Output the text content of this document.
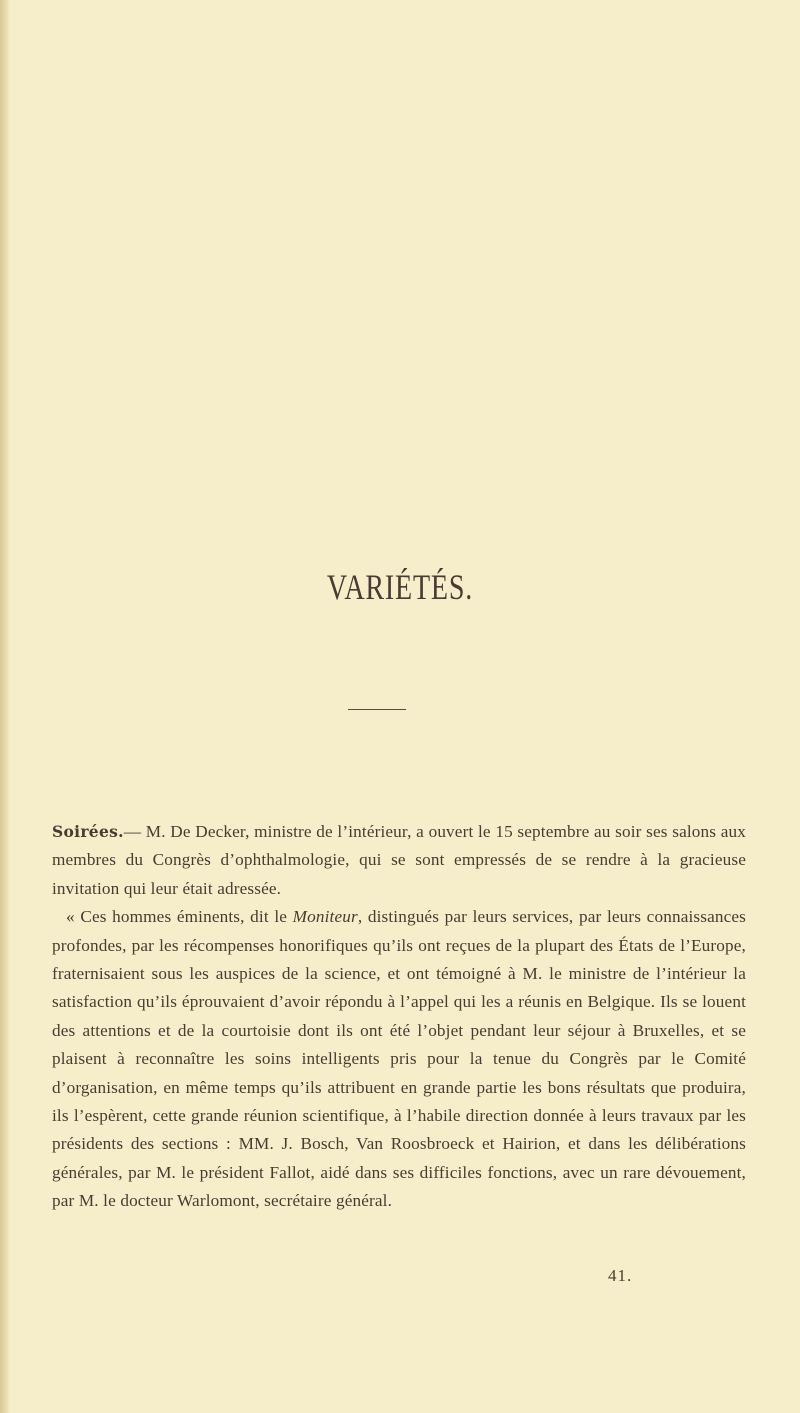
VARIÉTÉS.

Soirées.— M. De Decker, ministre de l’intérieur, a ouvert le 15 septembre au soir ses salons aux membres du Congrès d’ophthalmologie, qui se sont empressés de se rendre à la gracieuse invitation qui leur était adressée.

« Ces hommes éminents, dit le Moniteur, distingués par leurs services, par leurs connaissances profondes, par les récompenses honorifiques qu’ils ont reçues de la plupart des États de l’Europe, fraternisaient sous les auspices de la science, et ont témoigné à M. le ministre de l’intérieur la satisfaction qu’ils éprouvaient d’avoir répondu à l’appel qui les a réunis en Belgique. Ils se louent des attentions et de la courtoisie dont ils ont été l’objet pendant leur séjour à Bruxelles, et se plaisent à reconnaître les soins intelligents pris pour la tenue du Congrès par le Comité d’organisation, en même temps qu’ils attribuent en grande partie les bons résultats que produira, ils l’espèrent, cette grande réunion scientifique, à l’habile direction donnée à leurs travaux par les présidents des sections : MM. J. Bosch, Van Roosbroeck et Hairion, et dans les délibérations générales, par M. le président Fallot, aidé dans ses difficiles fonctions, avec un rare dévouement, par M. le docteur Warlomont, secrétaire général.

41.
